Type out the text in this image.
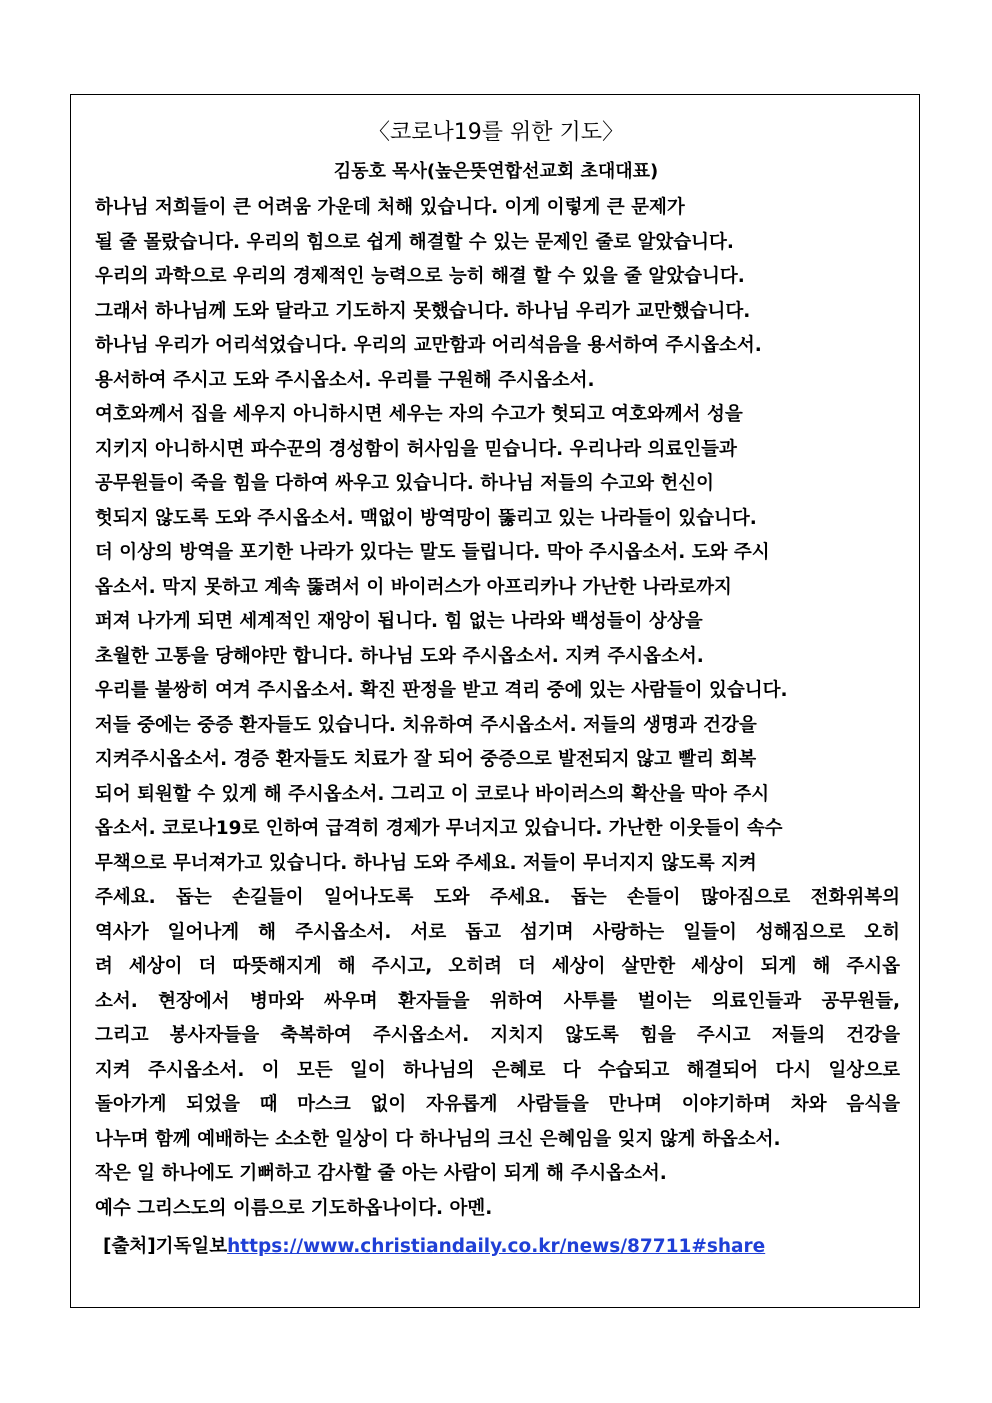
〈코로나19를 위한 기도〉
김동호 목사(높은뜻연합선교회 초대대표)
하나님 저희들이 큰 어려움 가운데 처해 있습니다. 이게 이렇게 큰 문제가
될 줄 몰랐습니다. 우리의 힘으로 쉽게 해결할 수 있는 문제인 줄로 알았습니다.
우리의 과학으로 우리의 경제적인 능력으로 능히 해결 할 수 있을 줄 알았습니다.
그래서 하나님께 도와 달라고 기도하지 못했습니다. 하나님 우리가 교만했습니다.
하나님 우리가 어리석었습니다. 우리의 교만함과 어리석음을 용서하여 주시옵소서.
용서하여 주시고 도와 주시옵소서. 우리를 구원해 주시옵소서.
여호와께서 집을 세우지 아니하시면 세우는 자의 수고가 헛되고 여호와께서 성을
지키지 아니하시면 파수꾼의 경성함이 허사임을 믿습니다. 우리나라 의료인들과
공무원들이 죽을 힘을 다하여 싸우고 있습니다. 하나님 저들의 수고와 헌신이
헛되지 않도록 도와 주시옵소서. 맥없이 방역망이 뚫리고 있는 나라들이 있습니다.
더 이상의 방역을 포기한 나라가 있다는 말도 들립니다. 막아 주시옵소서. 도와 주시
옵소서. 막지 못하고 계속 뚫려서 이 바이러스가 아프리카나 가난한 나라로까지
퍼져 나가게 되면 세계적인 재앙이 됩니다. 힘 없는 나라와 백성들이 상상을
초월한 고통을 당해야만 합니다. 하나님 도와 주시옵소서. 지켜 주시옵소서.
우리를 불쌍히 여겨 주시옵소서. 확진 판정을 받고 격리 중에 있는 사람들이 있습니다.
저들 중에는 중증 환자들도 있습니다. 치유하여 주시옵소서. 저들의 생명과 건강을
지켜주시옵소서. 경증 환자들도 치료가 잘 되어 중증으로 발전되지 않고 빨리 회복
되어 퇴원할 수 있게 해 주시옵소서. 그리고 이 코로나 바이러스의 확산을 막아 주시
옵소서. 코로나19로 인하여 급격히 경제가 무너지고 있습니다. 가난한 이웃들이 속수
무책으로 무너져가고 있습니다. 하나님 도와 주세요. 저들이 무너지지 않도록 지켜
주세요. 돕는 손길들이 일어나도록 도와 주세요. 돕는 손들이 많아짐으로 전화위복의
역사가 일어나게 해 주시옵소서. 서로 돕고 섬기며 사랑하는 일들이 성해짐으로 오히
려 세상이 더 따뜻해지게 해 주시고, 오히려 더 세상이 살만한 세상이 되게 해 주시옵
소서. 현장에서 병마와 싸우며 환자들을 위하여 사투를 벌이는 의료인들과 공무원들,
그리고 봉사자들을 축복하여 주시옵소서. 지치지 않도록 힘을 주시고 저들의 건강을
지켜 주시옵소서. 이 모든 일이 하나님의 은혜로 다 수습되고 해결되어 다시 일상으로
돌아가게 되었을 때 마스크 없이 자유롭게 사람들을 만나며 이야기하며 차와 음식을
나누며 함께 예배하는 소소한 일상이 다 하나님의 크신 은혜임을 잊지 않게 하옵소서.
작은 일 하나에도 기뻐하고 감사할 줄 아는 사람이 되게 해 주시옵소서.
예수 그리스도의 이름으로 기도하옵나이다. 아멘.
[출처]기독일보https://www.christiandaily.co.kr/news/87711#share
